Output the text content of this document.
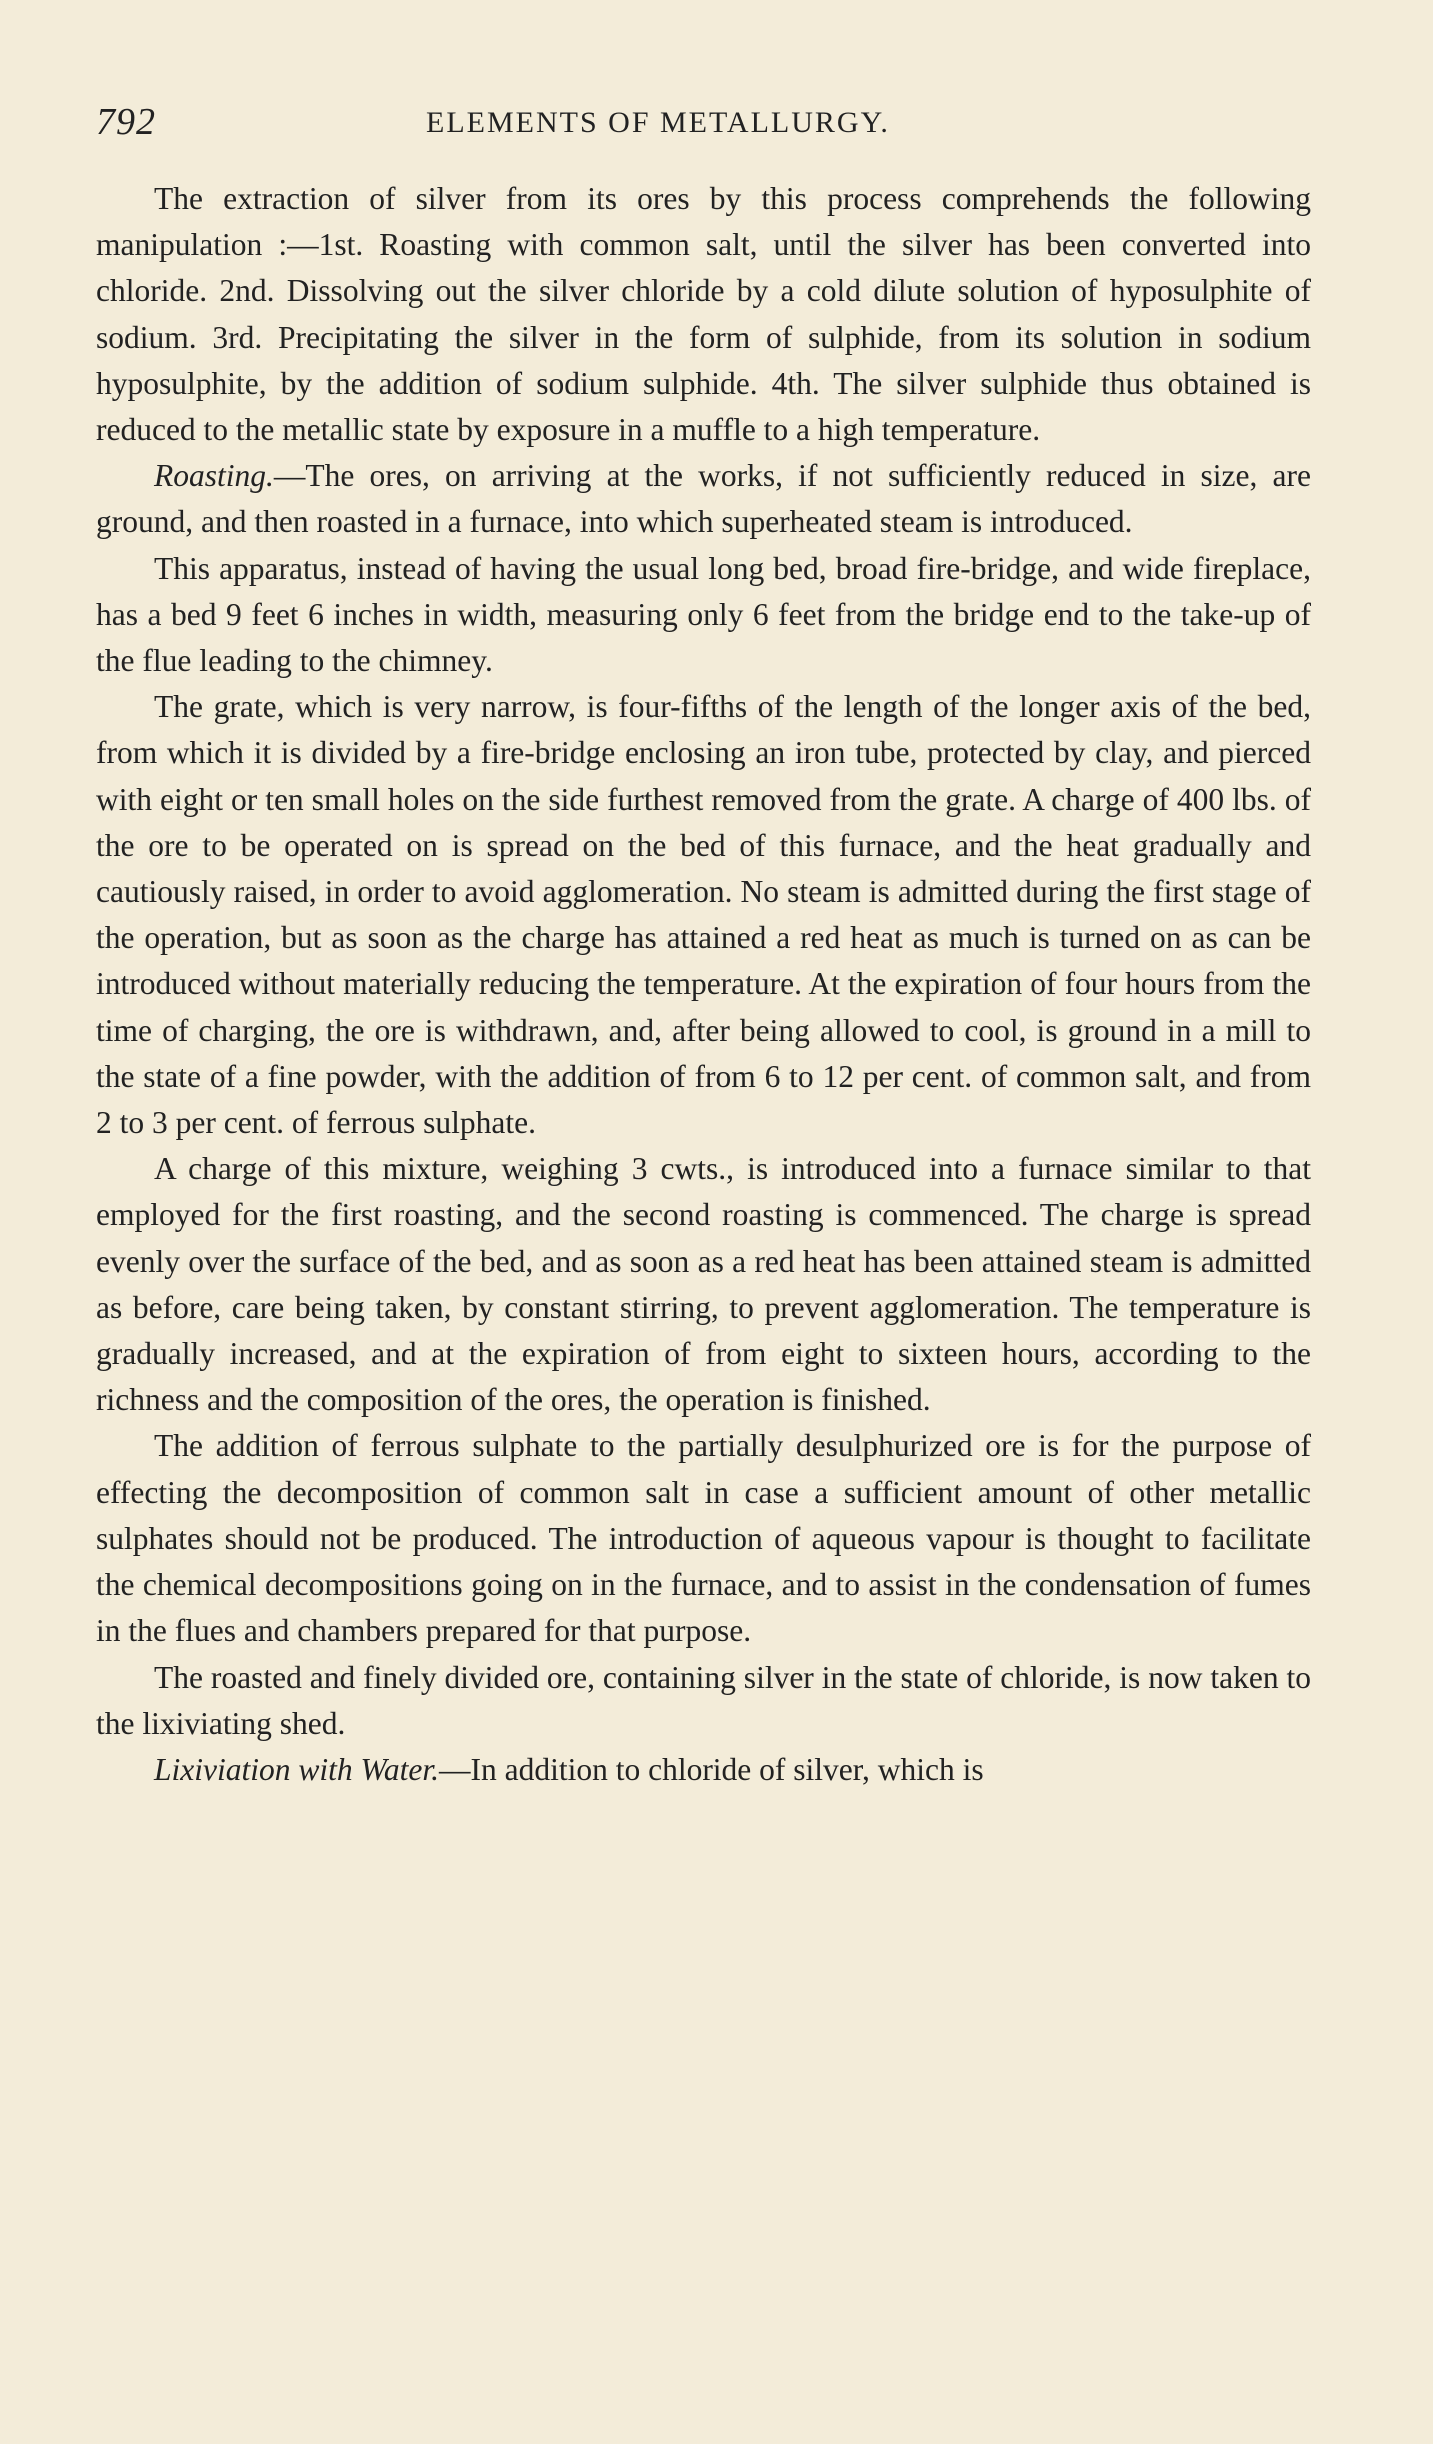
792	ELEMENTS OF METALLURGY.

The extraction of silver from its ores by this process comprehends the following manipulation :—1st. Roasting with common salt, until the silver has been converted into chloride. 2nd. Dissolving out the silver chloride by a cold dilute solution of hyposulphite of sodium. 3rd. Precipitating the silver in the form of sulphide, from its solution in sodium hyposulphite, by the addition of sodium sulphide. 4th. The silver sulphide thus obtained is reduced to the metallic state by exposure in a muffle to a high temperature.

Roasting.—The ores, on arriving at the works, if not sufficiently reduced in size, are ground, and then roasted in a furnace, into which superheated steam is introduced.

This apparatus, instead of having the usual long bed, broad fire-bridge, and wide fireplace, has a bed 9 feet 6 inches in width, measuring only 6 feet from the bridge end to the take-up of the flue leading to the chimney.

The grate, which is very narrow, is four-fifths of the length of the longer axis of the bed, from which it is divided by a fire-bridge enclosing an iron tube, protected by clay, and pierced with eight or ten small holes on the side furthest removed from the grate. A charge of 400 lbs. of the ore to be operated on is spread on the bed of this furnace, and the heat gradually and cautiously raised, in order to avoid agglomeration. No steam is admitted during the first stage of the operation, but as soon as the charge has attained a red heat as much is turned on as can be introduced without materially reducing the temperature. At the expiration of four hours from the time of charging, the ore is withdrawn, and, after being allowed to cool, is ground in a mill to the state of a fine powder, with the addition of from 6 to 12 per cent. of common salt, and from 2 to 3 per cent. of ferrous sulphate.

A charge of this mixture, weighing 3 cwts., is introduced into a furnace similar to that employed for the first roasting, and the second roasting is commenced. The charge is spread evenly over the surface of the bed, and as soon as a red heat has been attained steam is admitted as before, care being taken, by constant stirring, to prevent agglomeration. The temperature is gradually increased, and at the expiration of from eight to sixteen hours, according to the richness and the composition of the ores, the operation is finished.

The addition of ferrous sulphate to the partially desulphurized ore is for the purpose of effecting the decomposition of common salt in case a sufficient amount of other metallic sulphates should not be produced. The introduction of aqueous vapour is thought to facilitate the chemical decompositions going on in the furnace, and to assist in the condensation of fumes in the flues and chambers prepared for that purpose.

The roasted and finely divided ore, containing silver in the state of chloride, is now taken to the lixiviating shed.

Lixiviation with Water.—In addition to chloride of silver, which is
